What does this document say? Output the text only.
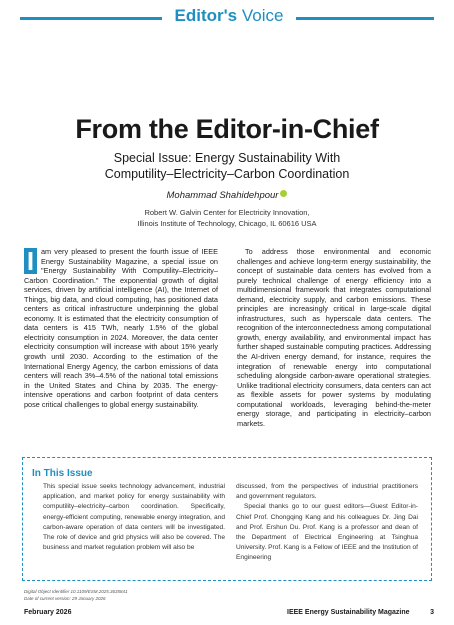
Editor's Voice
From the Editor-in-Chief
Special Issue: Energy Sustainability With
Computility–Electricity–Carbon Coordination
Mohammad Shahidehpour
Robert W. Galvin Center for Electricity Innovation,
Illinois Institute of Technology, Chicago, IL 60616 USA
I am very pleased to present the fourth issue of IEEE Energy Sustainability Magazine, a special issue on "Energy Sustainability With Computility–Electricity–Carbon Coordination." The exponential growth of digital services, driven by artificial intelligence (AI), the Internet of Things, big data, and cloud computing, has positioned data centers as critical infrastructure underpinning the global economy. It is estimated that the electricity consumption of data centers is 415 TWh, nearly 1.5% of the global electricity consumption in 2024. Moreover, the data center electricity consumption will increase with about 15% yearly growth until 2030. According to the estimation of the International Energy Agency, the carbon emissions of data centers will reach 3%–4.5% of the national total emissions in the United States and China by 2035. The energy-intensive operations and carbon footprint of data centers pose critical challenges to global energy sustainability.
To address those environmental and economic challenges and achieve long-term energy sustainability, the concept of sustainable data centers has evolved from a purely technical challenge of energy efficiency into a multidimensional framework that integrates computational demand, electricity supply, and carbon emissions. These principles are increasingly critical in large-scale digital infrastructures, such as hyperscale data centers. The recognition of the interconnectedness among computational growth, energy availability, and environmental impact has further shaped sustainable computing practices. Addressing the AI-driven energy demand, for instance, requires the integration of renewable energy into computational scheduling alongside carbon-aware operational strategies. Unlike traditional electricity consumers, data centers can act as flexible assets for power systems by modulating computational workloads, leveraging behind-the-meter energy storage, and participating in electricity–carbon markets.
In This Issue
This special issue seeks technology advancement, industrial application, and market policy for energy sustainability with computility–electricity–carbon coordination. Specifically, energy-efficient computing, renewable energy integration, and carbon-aware operation of data centers will be investigated. The role of device and grid physics will also be covered. The business and market regulation problem will also be

discussed, from the perspectives of industrial practitioners and government regulators.

Special thanks go to our guest editors—Guest Editor-in-Chief Prof. Chongqing Kang and his colleagues Dr. Jing Dai and Prof. Ershun Du. Prof. Kang is a professor and dean of the Department of Electrical Engineering at Tsinghua University. Prof. Kang is a Fellow of IEEE and the Institution of Engineering

Digital Object Identifier 10.1109/ESM.2025.3635841
Date of current version: 29 January 2026
February 2026	IEEE Energy Sustainability Magazine	3
